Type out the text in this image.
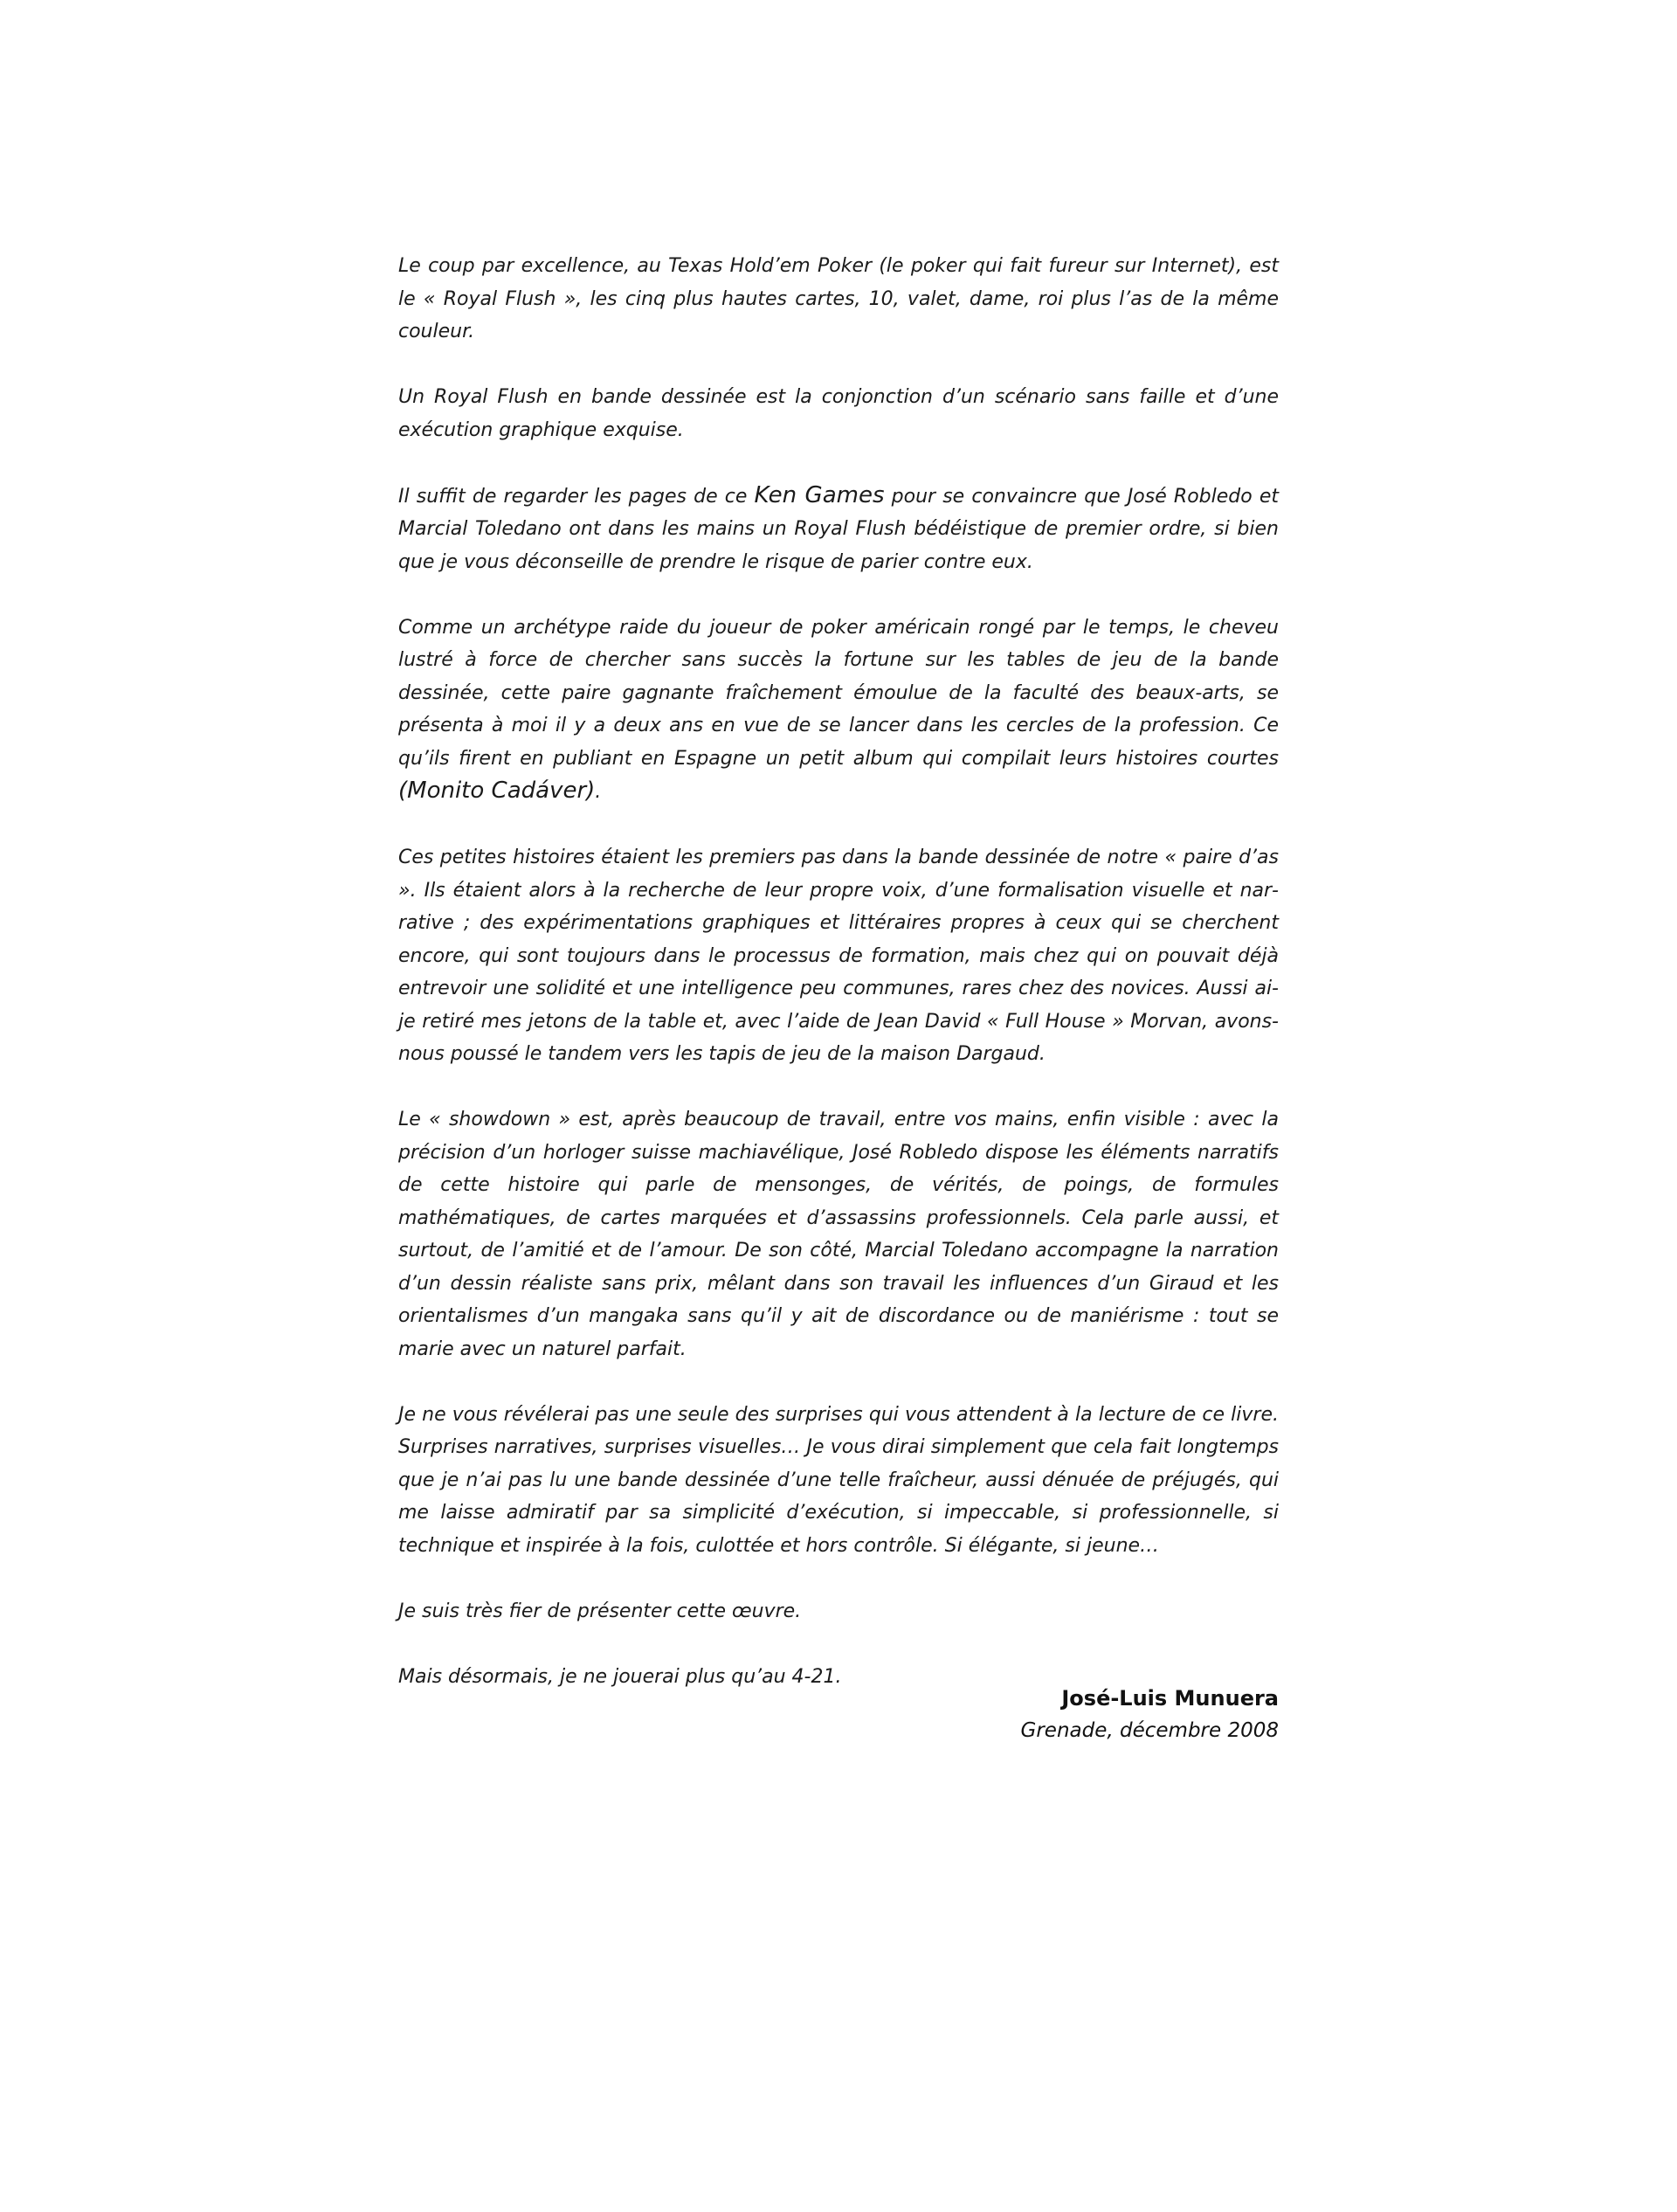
Le coup par excellence, au Texas Hold’em Poker (le poker qui fait fureur sur Internet), est le « Royal Flush », les cinq plus hautes cartes, 10, valet, dame, roi plus l’as de la même couleur.

Un Royal Flush en bande dessinée est la conjonction d’un scénario sans faille et d’une exécution graphique exquise.

Il suffit de regarder les pages de ce Ken Games pour se convaincre que José Robledo et Marcial Toledano ont dans les mains un Royal Flush bédéistique de premier ordre, si bien que je vous déconseille de prendre le risque de parier contre eux.

Comme un archétype raide du joueur de poker américain rongé par le temps, le cheveu lustré à force de chercher sans succès la fortune sur les tables de jeu de la bande dessinée, cette paire gagnante fraîchement émoulue de la faculté des beaux-arts, se présenta à moi il y a deux ans en vue de se lancer dans les cercles de la profession. Ce qu’ils firent en publiant en Espagne un petit album qui compilait leurs histoires courtes (Monito Cadáver).

Ces petites histoires étaient les premiers pas dans la bande dessinée de notre « paire d’as ». Ils étaient alors à la recherche de leur propre voix, d’une formalisation visuelle et narrative ; des expérimentations graphiques et littéraires propres à ceux qui se cherchent encore, qui sont toujours dans le processus de formation, mais chez qui on pouvait déjà entrevoir une solidité et une intelligence peu communes, rares chez des novices. Aussi ai-je retiré mes jetons de la table et, avec l’aide de Jean David « Full House » Morvan, avons-nous poussé le tandem vers les tapis de jeu de la maison Dargaud.

Le « showdown » est, après beaucoup de travail, entre vos mains, enfin visible : avec la précision d’un horloger suisse machiavélique, José Robledo dispose les éléments narratifs de cette histoire qui parle de mensonges, de vérités, de poings, de formules mathématiques, de cartes marquées et d’assassins professionnels. Cela parle aussi, et surtout, de l’amitié et de l’amour. De son côté, Marcial Toledano accompagne la narration d’un dessin réaliste sans prix, mêlant dans son travail les influences d’un Giraud et les orientalismes d’un mangaka sans qu’il y ait de discordance ou de maniérisme : tout se marie avec un naturel parfait.

Je ne vous révélerai pas une seule des surprises qui vous attendent à la lecture de ce livre. Surprises narratives, surprises visuelles… Je vous dirai simplement que cela fait longtemps que je n’ai pas lu une bande dessinée d’une telle fraîcheur, aussi dénuée de préjugés, qui me laisse admiratif par sa simplicité d’exécution, si impeccable, si professionnelle, si technique et inspirée à la fois, culottée et hors contrôle. Si élégante, si jeune…

Je suis très fier de présenter cette œuvre.

Mais désormais, je ne jouerai plus qu’au 4-21.

José-Luis Munuera
Grenade, décembre 2008
